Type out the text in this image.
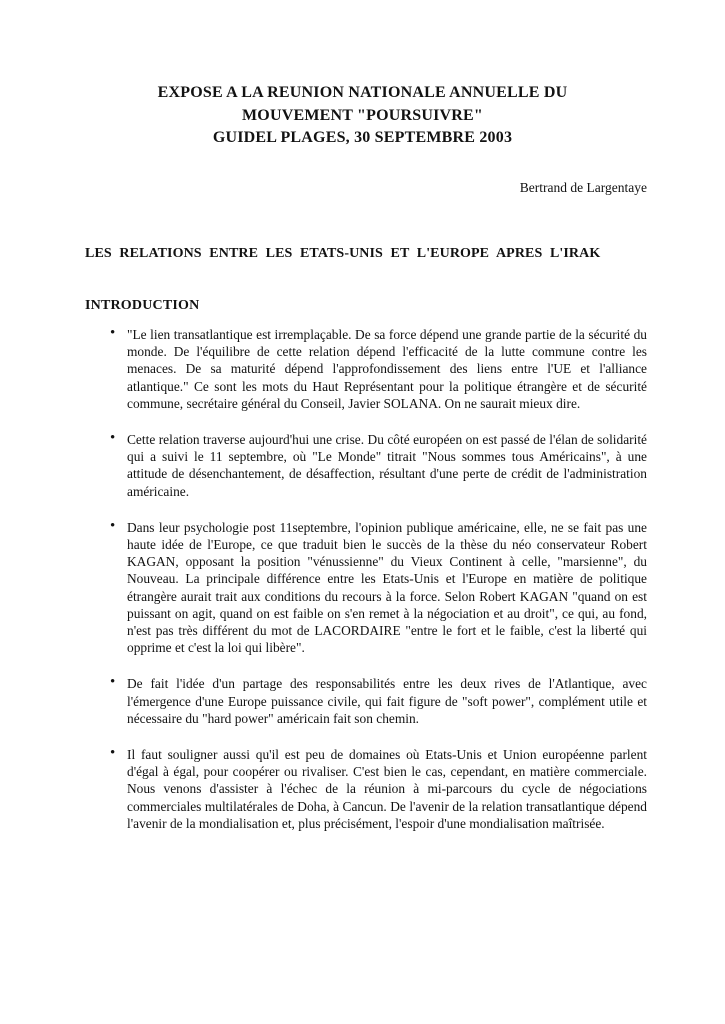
EXPOSE A LA REUNION NATIONALE ANNUELLE DU
MOUVEMENT "POURSUIVRE"
GUIDEL PLAGES, 30 SEPTEMBRE 2003
Bertrand de Largentaye
LES RELATIONS ENTRE LES ETATS-UNIS ET L'EUROPE APRES L'IRAK
INTRODUCTION
• "Le lien transatlantique est irremplaçable. De sa force dépend une grande partie de la sécurité du monde. De l'équilibre de cette relation dépend l'efficacité de la lutte commune contre les menaces. De sa maturité dépend l'approfondissement des liens entre l'UE et l'alliance atlantique." Ce sont les mots du Haut Représentant pour la politique étrangère et de sécurité commune, secrétaire général du Conseil, Javier SOLANA. On ne saurait mieux dire.
• Cette relation traverse aujourd'hui une crise. Du côté européen on est passé de l'élan de solidarité qui a suivi le 11 septembre, où "Le Monde" titrait "Nous sommes tous Américains", à une attitude de désenchantement, de désaffection, résultant d'une perte de crédit de l'administration américaine.
• Dans leur psychologie post 11septembre, l'opinion publique américaine, elle, ne se fait pas une haute idée de l'Europe, ce que traduit bien le succès de la thèse du néo conservateur Robert KAGAN, opposant la position "vénussienne" du Vieux Continent à celle, "marsienne", du Nouveau. La principale différence entre les Etats-Unis et l'Europe en matière de politique étrangère aurait trait aux conditions du recours à la force. Selon Robert KAGAN "quand on est puissant on agit, quand on est faible on s'en remet à la négociation et au droit", ce qui, au fond, n'est pas très différent du mot de LACORDAIRE "entre le fort et le faible, c'est la liberté qui opprime et c'est la loi qui libère".
• De fait l'idée d'un partage des responsabilités entre les deux rives de l'Atlantique, avec l'émergence d'une Europe puissance civile, qui fait figure de "soft power", complément utile et nécessaire du "hard power" américain fait son chemin.
• Il faut souligner aussi qu'il est peu de domaines où Etats-Unis et Union européenne parlent d'égal à égal, pour coopérer ou rivaliser. C'est bien le cas, cependant, en matière commerciale. Nous venons d'assister à l'échec de la réunion à mi-parcours du cycle de négociations commerciales multilatérales de Doha, à Cancun. De l'avenir de la relation transatlantique dépend l'avenir de la mondialisation et, plus précisément, l'espoir d'une mondialisation maîtrisée.
